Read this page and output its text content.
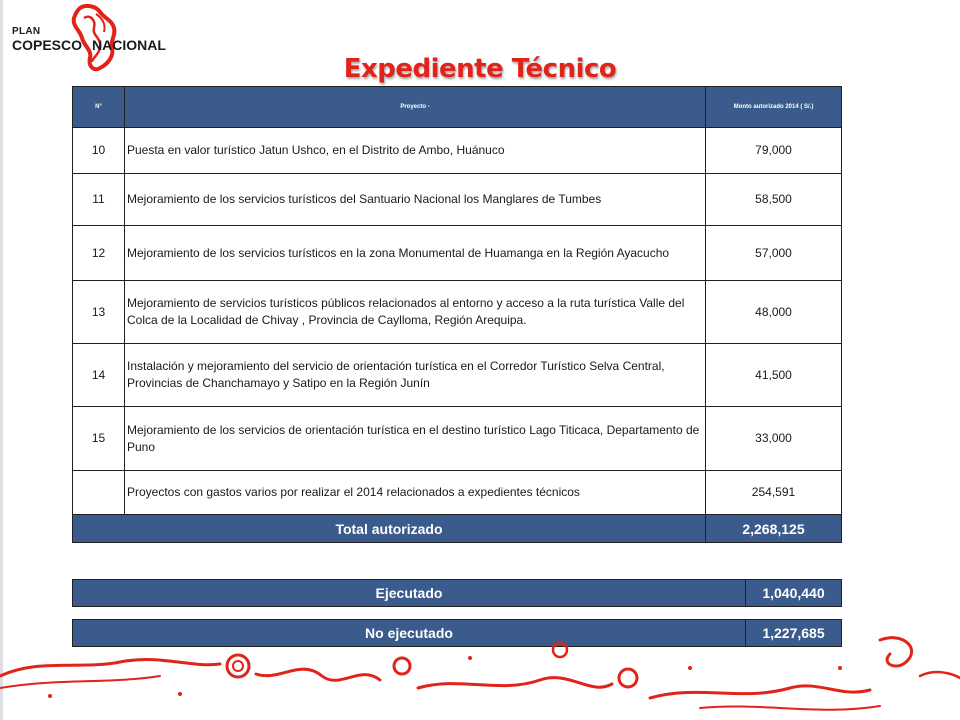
PLAN
COPESCO NACIONAL
Expediente Técnico
N°	Proyecto -	Monto autorizado 2014 ( S/.)
10	Puesta en valor turístico Jatun Ushco, en el Distrito de Ambo, Huánuco	79,000
11	Mejoramiento de los servicios turísticos del Santuario Nacional los Manglares de Tumbes	58,500
12	Mejoramiento de los servicios turísticos en la zona Monumental de Huamanga en la Región Ayacucho	57,000
13	Mejoramiento de servicios turísticos públicos relacionados al entorno y acceso a la ruta turística Valle del Colca de la Localidad de Chivay , Provincia de Caylloma, Región Arequipa.	48,000
14	Instalación y mejoramiento del servicio de orientación turística en el Corredor Turístico Selva Central, Provincias de Chanchamayo y Satipo en la Región Junín	41,500
15	Mejoramiento de los servicios de orientación turística en el destino turístico Lago Titicaca, Departamento de Puno	33,000
	Proyectos con gastos varios por realizar el 2014 relacionados a expedientes técnicos	254,591
Total autorizado		2,268,125
Ejecutado	1,040,440
No ejecutado	1,227,685
